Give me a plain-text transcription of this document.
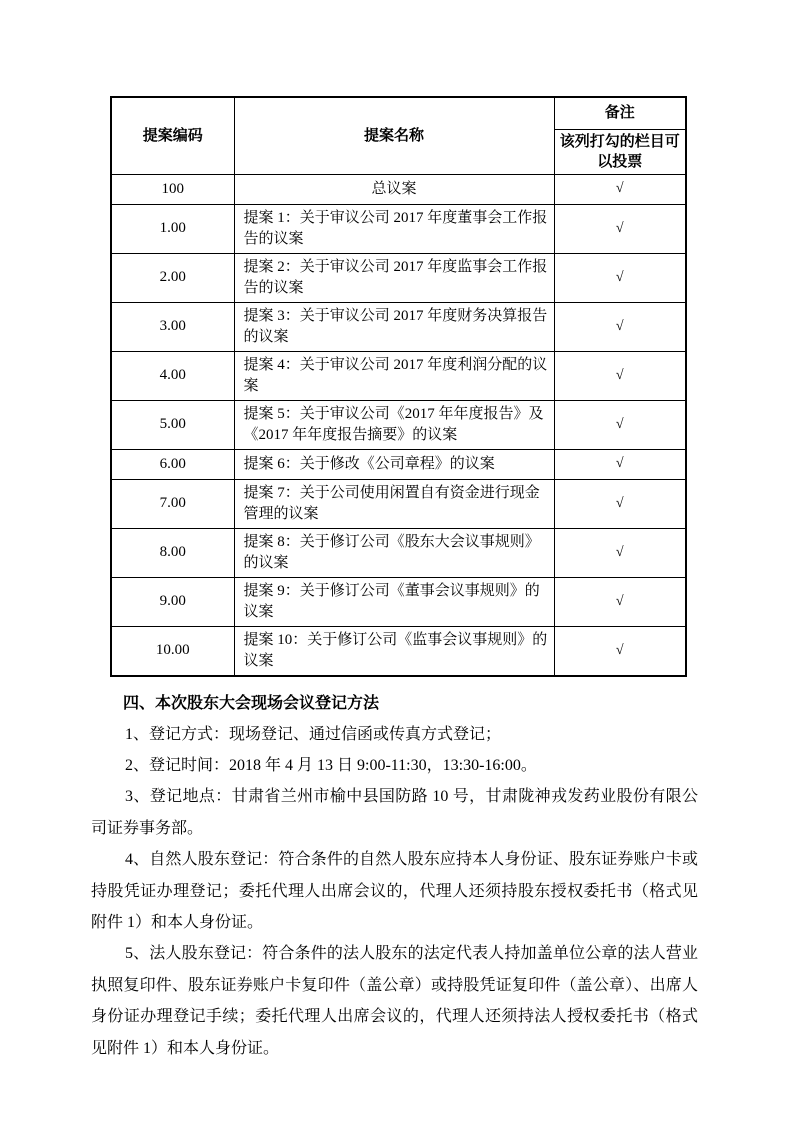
提案编码	提案名称	备注
		该列打勾的栏目可以投票
100	总议案	√
1.00	提案 1：关于审议公司 2017 年度董事会工作报告的议案	√
2.00	提案 2：关于审议公司 2017 年度监事会工作报告的议案	√
3.00	提案 3：关于审议公司 2017 年度财务决算报告的议案	√
4.00	提案 4：关于审议公司 2017 年度利润分配的议案	√
5.00	提案 5：关于审议公司《2017 年年度报告》及《2017 年年度报告摘要》的议案	√
6.00	提案 6：关于修改《公司章程》的议案	√
7.00	提案 7：关于公司使用闲置自有资金进行现金管理的议案	√
8.00	提案 8：关于修订公司《股东大会议事规则》的议案	√
9.00	提案 9：关于修订公司《董事会议事规则》的议案	√
10.00	提案 10：关于修订公司《监事会议事规则》的议案	√
四、本次股东大会现场会议登记方法

1、登记方式：现场登记、通过信函或传真方式登记；

2、登记时间：2018 年 4 月 13 日 9:00-11:30，13:30-16:00。

3、登记地点：甘肃省兰州市榆中县国防路 10 号，甘肃陇神戎发药业股份有限公司证券事务部。

4、自然人股东登记：符合条件的自然人股东应持本人身份证、股东证券账户卡或持股凭证办理登记；委托代理人出席会议的，代理人还须持股东授权委托书（格式见附件 1）和本人身份证。

5、法人股东登记：符合条件的法人股东的法定代表人持加盖单位公章的法人营业执照复印件、股东证券账户卡复印件（盖公章）或持股凭证复印件（盖公章）、出席人身份证办理登记手续；委托代理人出席会议的，代理人还须持法人授权委托书（格式见附件 1）和本人身份证。
